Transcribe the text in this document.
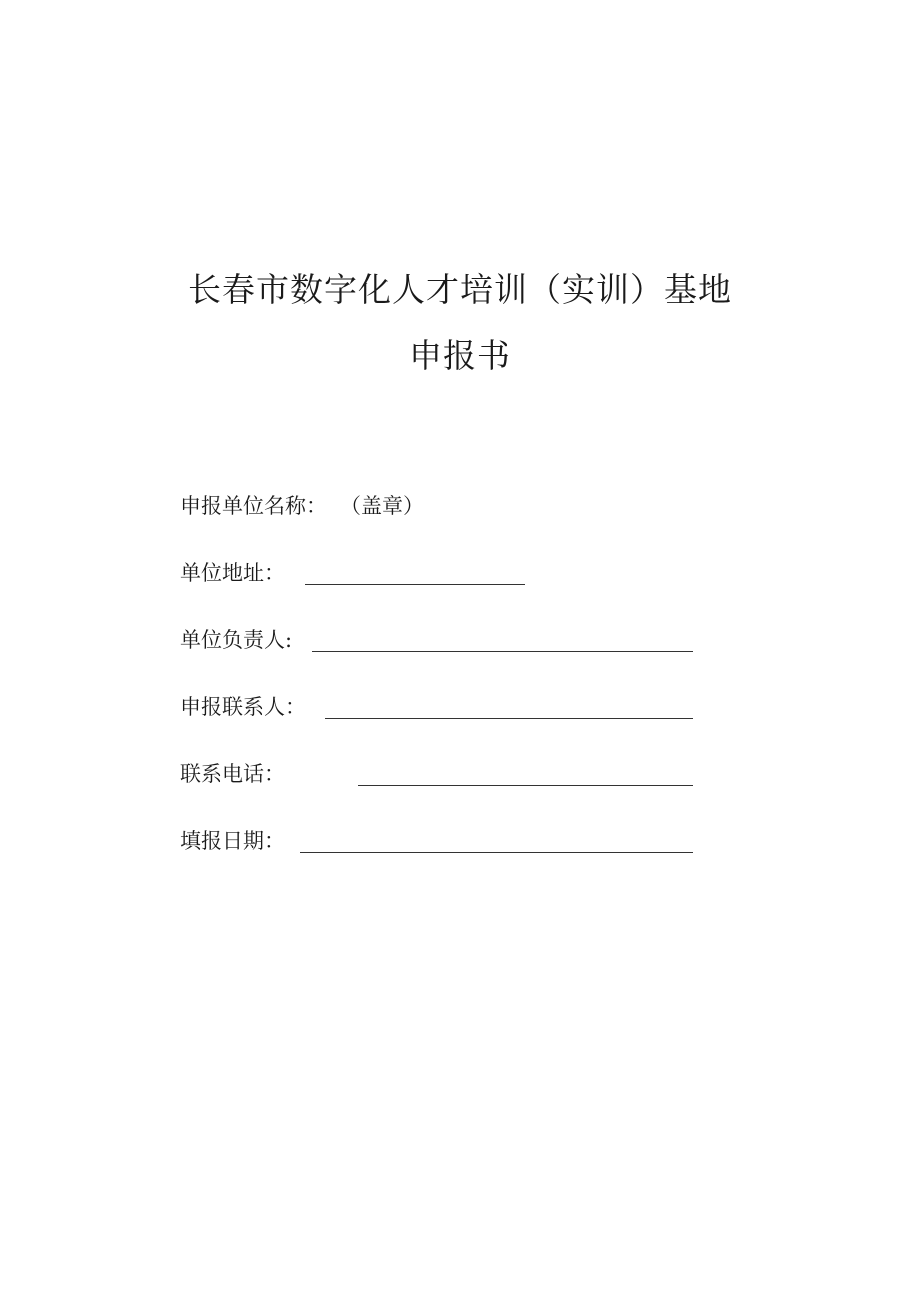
长春市数字化人才培训（实训）基地
申报书
申报单位名称： （盖章）
单位地址：
单位负责人:
申报联系人：
联系电话：
填报日期：
